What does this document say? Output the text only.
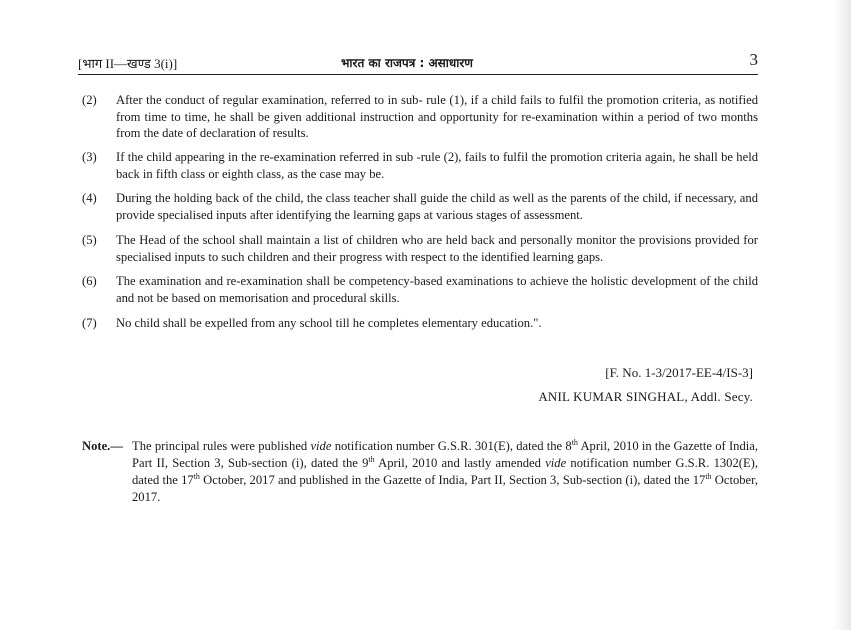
[भाग II—खण्ड 3(i)]	भारत का राजपत्र : असाधारण	3
(2)	After the conduct of regular examination, referred to in sub- rule (1), if a child fails to fulfil the promotion criteria, as notified from time to time, he shall be given additional instruction and opportunity for re-examination within a period of two months from the date of declaration of results.
(3)	If the child appearing in the re-examination referred in sub -rule (2), fails to fulfil the promotion criteria again, he shall be held back in fifth class or eighth class, as the case may be.
(4)	During the holding back of the child, the class teacher shall guide the child as well as the parents of the child, if necessary, and provide specialised inputs after identifying the learning gaps at various stages of assessment.
(5)	The Head of the school shall maintain a list of children who are held back and personally monitor the provisions provided for specialised inputs to such children and their progress with respect to the identified learning gaps.
(6)	The examination and re-examination shall be competency-based examinations to achieve the holistic development of the child and not be based on memorisation and procedural skills.
(7)	No child shall be expelled from any school till he completes elementary education.".
[F. No. 1-3/2017-EE-4/IS-3]
ANIL KUMAR SINGHAL, Addl. Secy.
Note.— The principal rules were published vide notification number G.S.R. 301(E), dated the 8th April, 2010 in the Gazette of India, Part II, Section 3, Sub-section (i), dated the 9th April, 2010 and lastly amended vide notification number G.S.R. 1302(E), dated the 17th October, 2017 and published in the Gazette of India, Part II, Section 3, Sub-section (i), dated the 17th October, 2017.
